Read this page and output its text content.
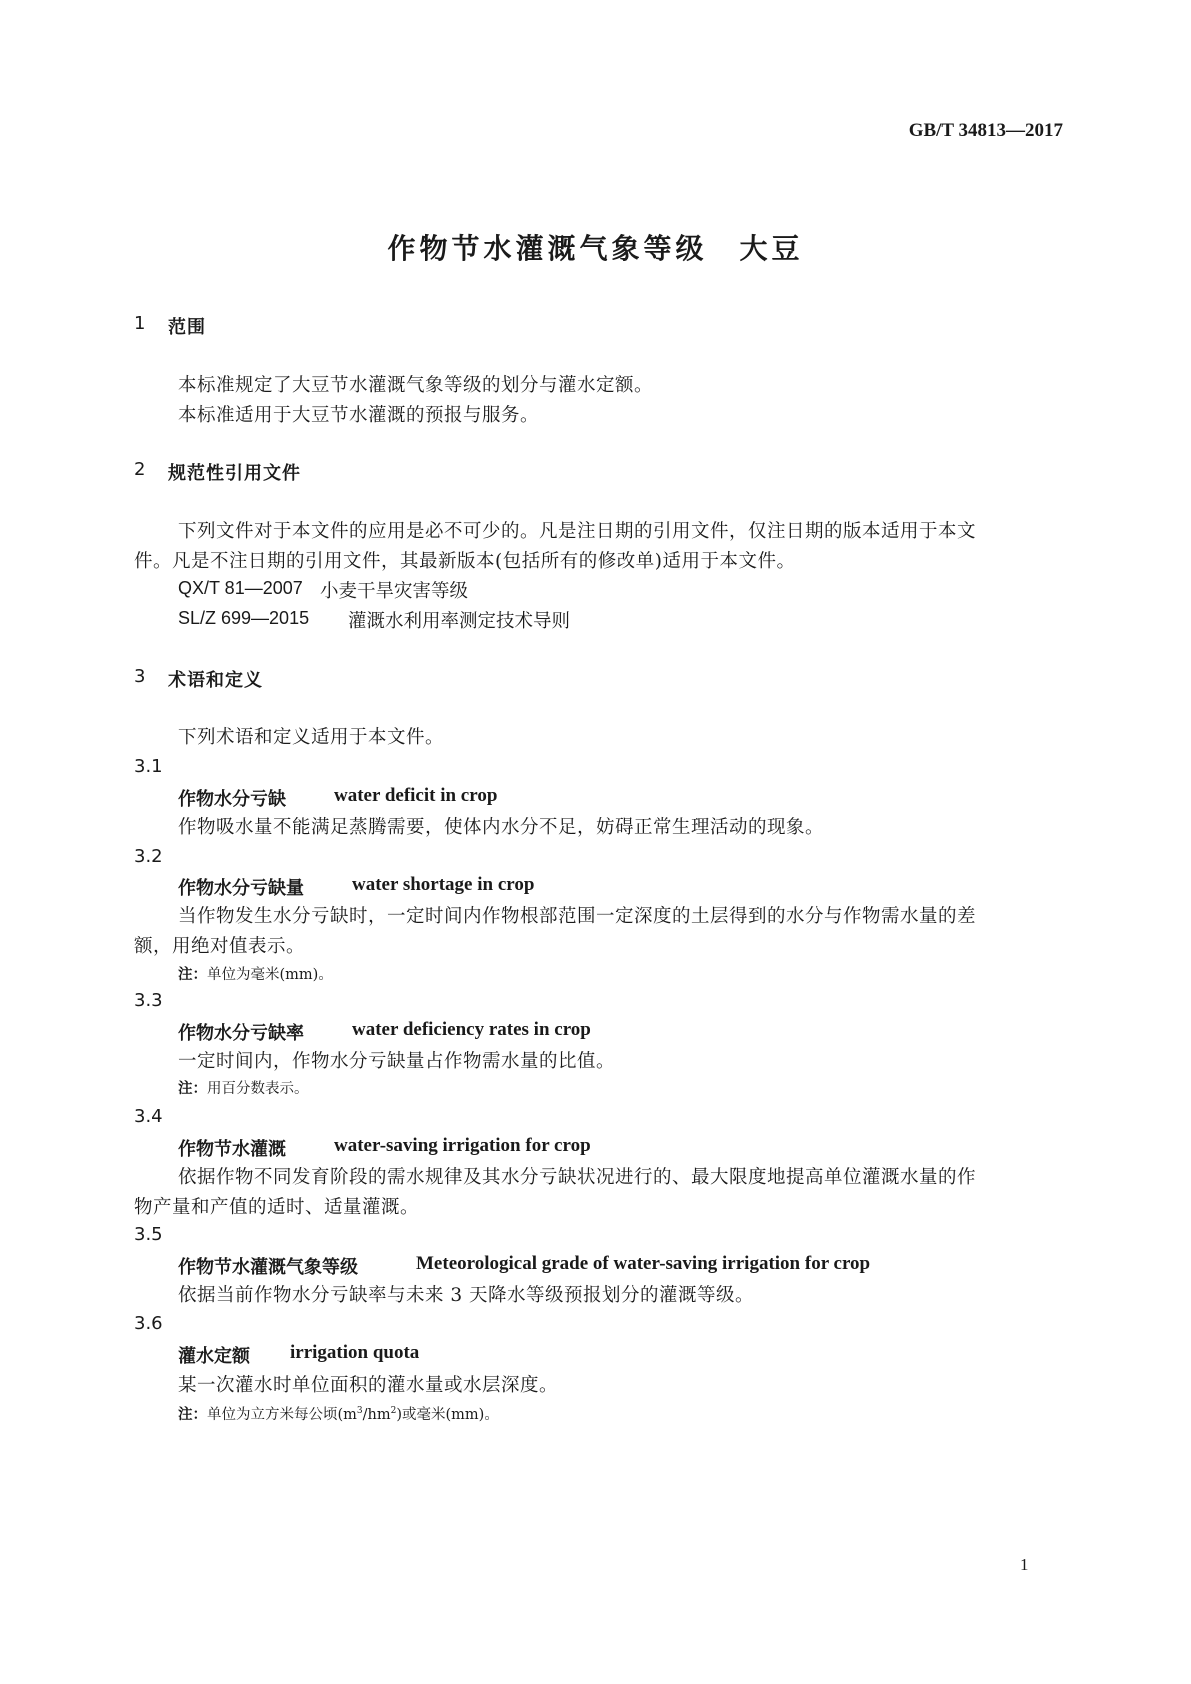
GB/T 34813—2017
作物节水灌溉气象等级　大豆
1 范围
本标准规定了大豆节水灌溉气象等级的划分与灌水定额。
本标准适用于大豆节水灌溉的预报与服务。
2 规范性引用文件
下列文件对于本文件的应用是必不可少的。凡是注日期的引用文件，仅注日期的版本适用于本文
件。凡是不注日期的引用文件，其最新版本(包括所有的修改单)适用于本文件。
QX/T 81—2007 小麦干旱灾害等级
SL/Z 699—2015 灌溉水利用率测定技术导则
3 术语和定义
下列术语和定义适用于本文件。
3.1
作物水分亏缺	water deficit in crop
作物吸水量不能满足蒸腾需要，使体内水分不足，妨碍正常生理活动的现象。
3.2
作物水分亏缺量	water shortage in crop
当作物发生水分亏缺时，一定时间内作物根部范围一定深度的土层得到的水分与作物需水量的差
额，用绝对值表示。
注：单位为毫米(mm)。
3.3
作物水分亏缺率	water deficiency rates in crop
一定时间内，作物水分亏缺量占作物需水量的比值。
注：用百分数表示。
3.4
作物节水灌溉	water-saving irrigation for crop
依据作物不同发育阶段的需水规律及其水分亏缺状况进行的、最大限度地提高单位灌溉水量的作
物产量和产值的适时、适量灌溉。
3.5
作物节水灌溉气象等级	Meteorological grade of water-saving irrigation for crop
依据当前作物水分亏缺率与未来 3 天降水等级预报划分的灌溉等级。
3.6
灌水定额 irrigation quota
某一次灌水时单位面积的灌水量或水层深度。
注：单位为立方米每公顷$(m^3/hm^2)$或毫米(mm)。
1
